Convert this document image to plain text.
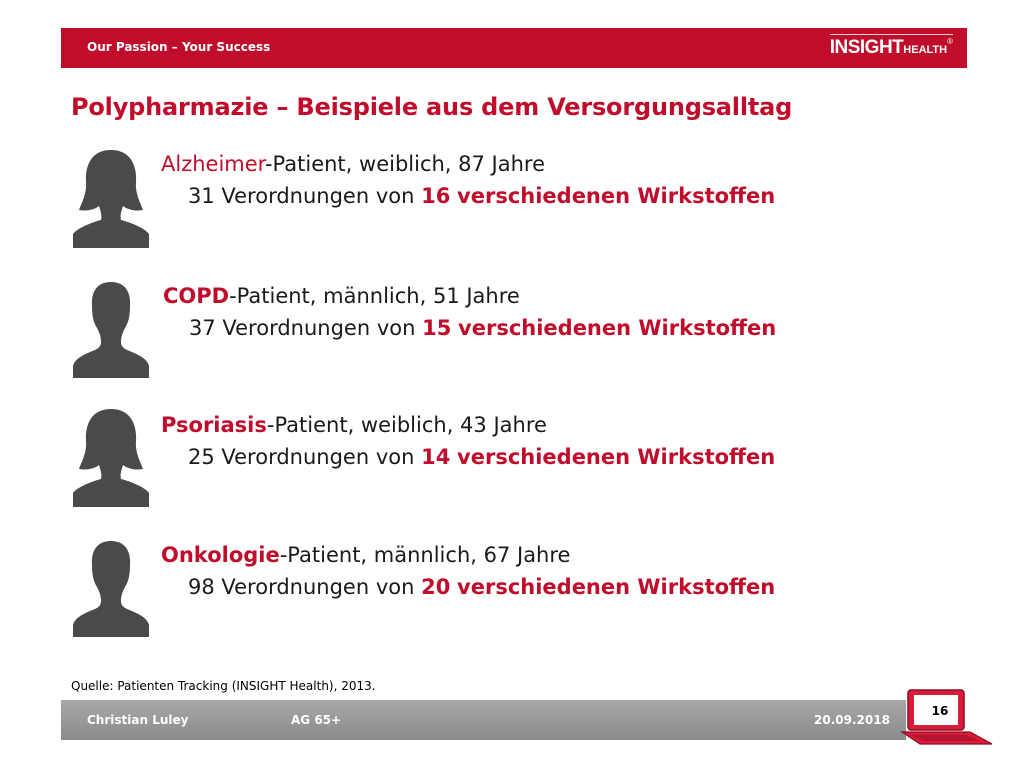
Our Passion – Your Success	INSIGHTHEALTH®
Polypharmazie – Beispiele aus dem Versorgungsalltag
Alzheimer-Patient, weiblich, 87 Jahre
31 Verordnungen von 16 verschiedenen Wirkstoffen
COPD-Patient, männlich, 51 Jahre
37 Verordnungen von 15 verschiedenen Wirkstoffen
Psoriasis-Patient, weiblich, 43 Jahre
25 Verordnungen von 14 verschiedenen Wirkstoffen
Onkologie-Patient, männlich, 67 Jahre
98 Verordnungen von 20 verschiedenen Wirkstoffen
Quelle: Patienten Tracking (INSIGHT Health), 2013.
Christian Luley	AG 65+	20.09.2018
16
